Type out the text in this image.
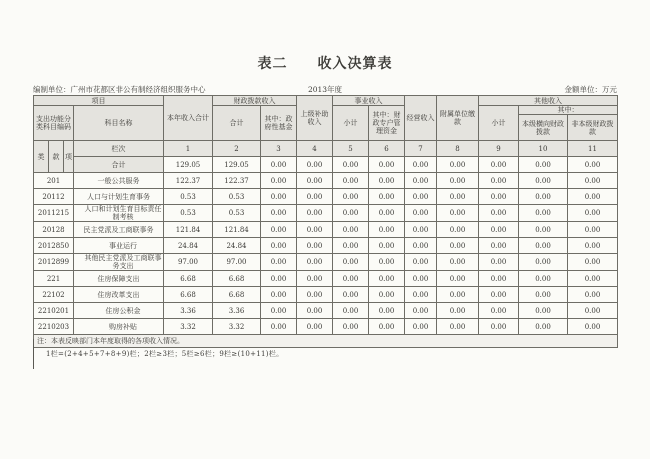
表二　　收入决算表
编制单位：广州市花都区非公有制经济组织服务中心	2013年度	金额单位：万元
项目				本年收入合计	财政拨款收入		上级补助收入	事业收入		经营收入	附属单位缴款	其他收入		
支出功能分类科目编码			科目名称		合计	其中：政府性基金		小计	其中：财政专户管理资金			小计	其中：	
													本级横向财政拨款	非本级财政拨款
类	款	项	栏次	1	2	3	4	5	6	7	8	9	10	11
			合计	129.05	129.05	0.00	0.00	0.00	0.00	0.00	0.00	0.00	0.00	0.00
201			一般公共服务	122.37	122.37	0.00	0.00	0.00	0.00	0.00	0.00	0.00	0.00	0.00
20112			人口与计划生育事务	0.53	0.53	0.00	0.00	0.00	0.00	0.00	0.00	0.00	0.00	0.00
2011215			人口和计划生育目标责任制考核	0.53	0.53	0.00	0.00	0.00	0.00	0.00	0.00	0.00	0.00	0.00
20128			民主党派及工商联事务	121.84	121.84	0.00	0.00	0.00	0.00	0.00	0.00	0.00	0.00	0.00
2012850			事业运行	24.84	24.84	0.00	0.00	0.00	0.00	0.00	0.00	0.00	0.00	0.00
2012899			其他民主党派及工商联事务支出	97.00	97.00	0.00	0.00	0.00	0.00	0.00	0.00	0.00	0.00	0.00
221			住房保障支出	6.68	6.68	0.00	0.00	0.00	0.00	0.00	0.00	0.00	0.00	0.00
22102			住房改革支出	6.68	6.68	0.00	0.00	0.00	0.00	0.00	0.00	0.00	0.00	0.00
2210201			住房公积金	3.36	3.36	0.00	0.00	0.00	0.00	0.00	0.00	0.00	0.00	0.00
2210203			购房补贴	3.32	3.32	0.00	0.00	0.00	0.00	0.00	0.00	0.00	0.00	0.00
注：本表反映部门本年度取得的各项收入情况。														
1栏=(2+4+5+7+8+9)栏；2栏≥3栏；5栏≥6栏；9栏≥(10+11)栏。
